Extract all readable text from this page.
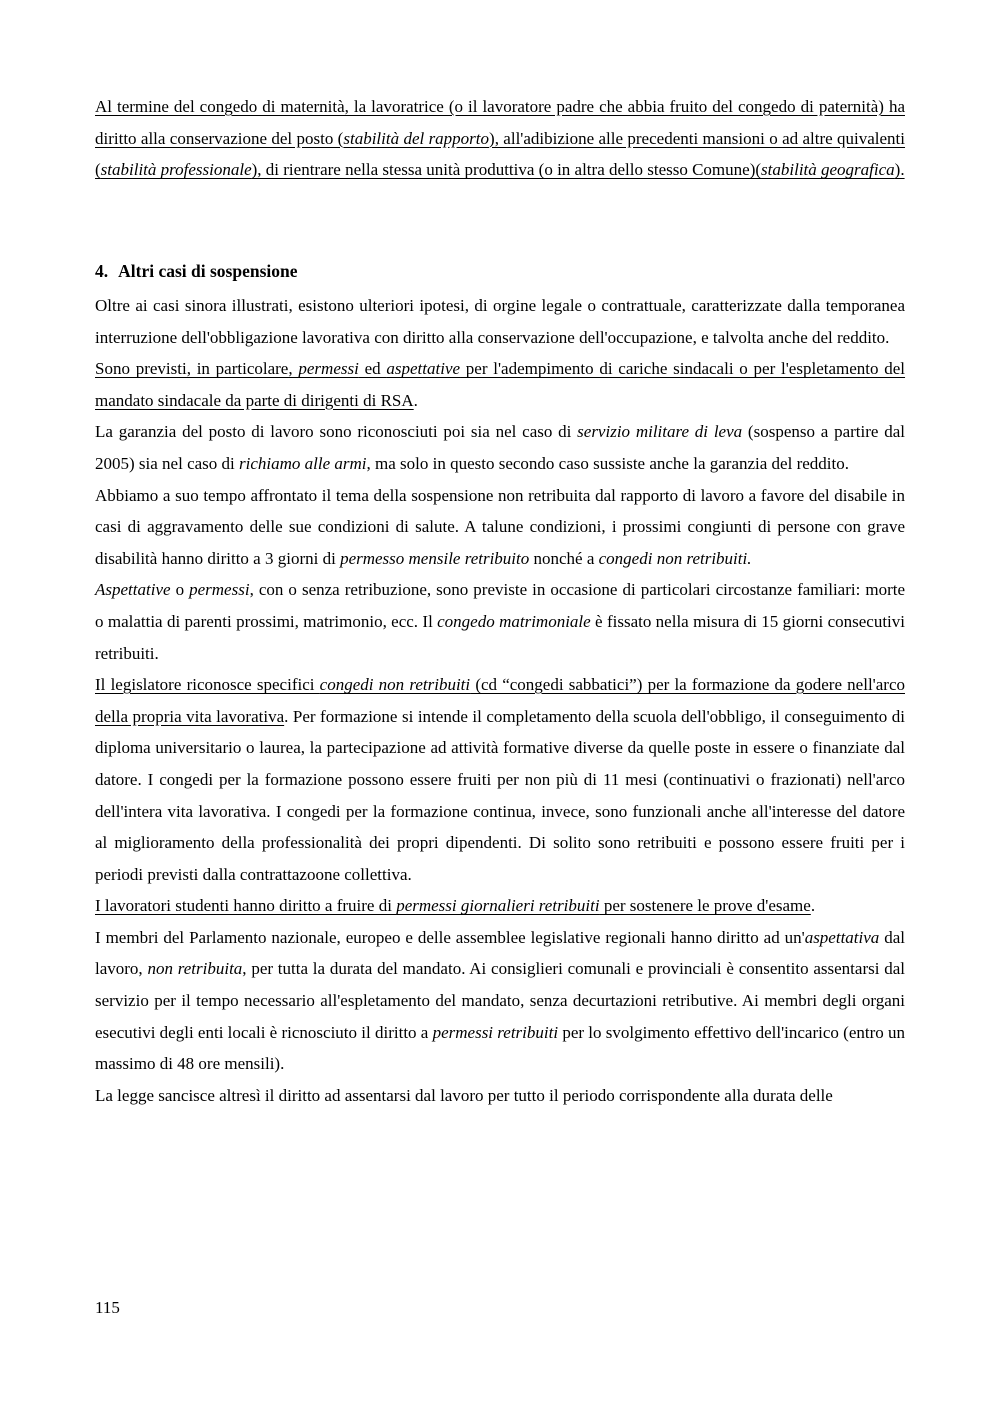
Al termine del congedo di maternità, la lavoratrice (o il lavoratore padre che abbia fruito del congedo di paternità) ha diritto alla conservazione del posto (stabilità del rapporto), all'adibizione alle precedenti mansioni o ad altre quivalenti (stabilità professionale), di rientrare nella stessa unità produttiva (o in altra dello stesso Comune)(stabilità geografica).

4. Altri casi di sospensione

Oltre ai casi sinora illustrati, esistono ulteriori ipotesi, di orgine legale o contrattuale, caratterizzate dalla temporanea interruzione dell'obbligazione lavorativa con diritto alla conservazione dell'occupazione, e talvolta anche del reddito.

Sono previsti, in particolare, permessi ed aspettative per l'adempimento di cariche sindacali o per l'espletamento del mandato sindacale da parte di dirigenti di RSA.

La garanzia del posto di lavoro sono riconosciuti poi sia nel caso di servizio militare di leva (sospenso a partire dal 2005) sia nel caso di richiamo alle armi, ma solo in questo secondo caso sussiste anche la garanzia del reddito.

Abbiamo a suo tempo affrontato il tema della sospensione non retribuita dal rapporto di lavoro a favore del disabile in casi di aggravamento delle sue condizioni di salute. A talune condizioni, i prossimi congiunti di persone con grave disabilità hanno diritto a 3 giorni di permesso mensile retribuito nonché a congedi non retribuiti.

Aspettative o permessi, con o senza retribuzione, sono previste in occasione di particolari circostanze familiari: morte o malattia di parenti prossimi, matrimonio, ecc. Il congedo matrimoniale è fissato nella misura di 15 giorni consecutivi retribuiti.

Il legislatore riconosce specifici congedi non retribuiti (cd “congedi sabbatici”) per la formazione da godere nell'arco della propria vita lavorativa. Per formazione si intende il completamento della scuola dell'obbligo, il conseguimento di diploma universitario o laurea, la partecipazione ad attività formative diverse da quelle poste in essere o finanziate dal datore. I congedi per la formazione possono essere fruiti per non più di 11 mesi (continuativi o frazionati) nell'arco dell'intera vita lavorativa. I congedi per la formazione continua, invece, sono funzionali anche all'interesse del datore al miglioramento della professionalità dei propri dipendenti. Di solito sono retribuiti e possono essere fruiti per i periodi previsti dalla contrattazoone collettiva.

I lavoratori studenti hanno diritto a fruire di permessi giornalieri retribuiti per sostenere le prove d'esame.

I membri del Parlamento nazionale, europeo e delle assemblee legislative regionali hanno diritto ad un'aspettativa dal lavoro, non retribuita, per tutta la durata del mandato. Ai consiglieri comunali e provinciali è consentito assentarsi dal servizio per il tempo necessario all'espletamento del mandato, senza decurtazioni retributive. Ai membri degli organi esecutivi degli enti locali è ricnosciuto il diritto a permessi retribuiti per lo svolgimento effettivo dell'incarico (entro un massimo di 48 ore mensili).

La legge sancisce altresì il diritto ad assentarsi dal lavoro per tutto il periodo corrispondente alla durata delle

115
